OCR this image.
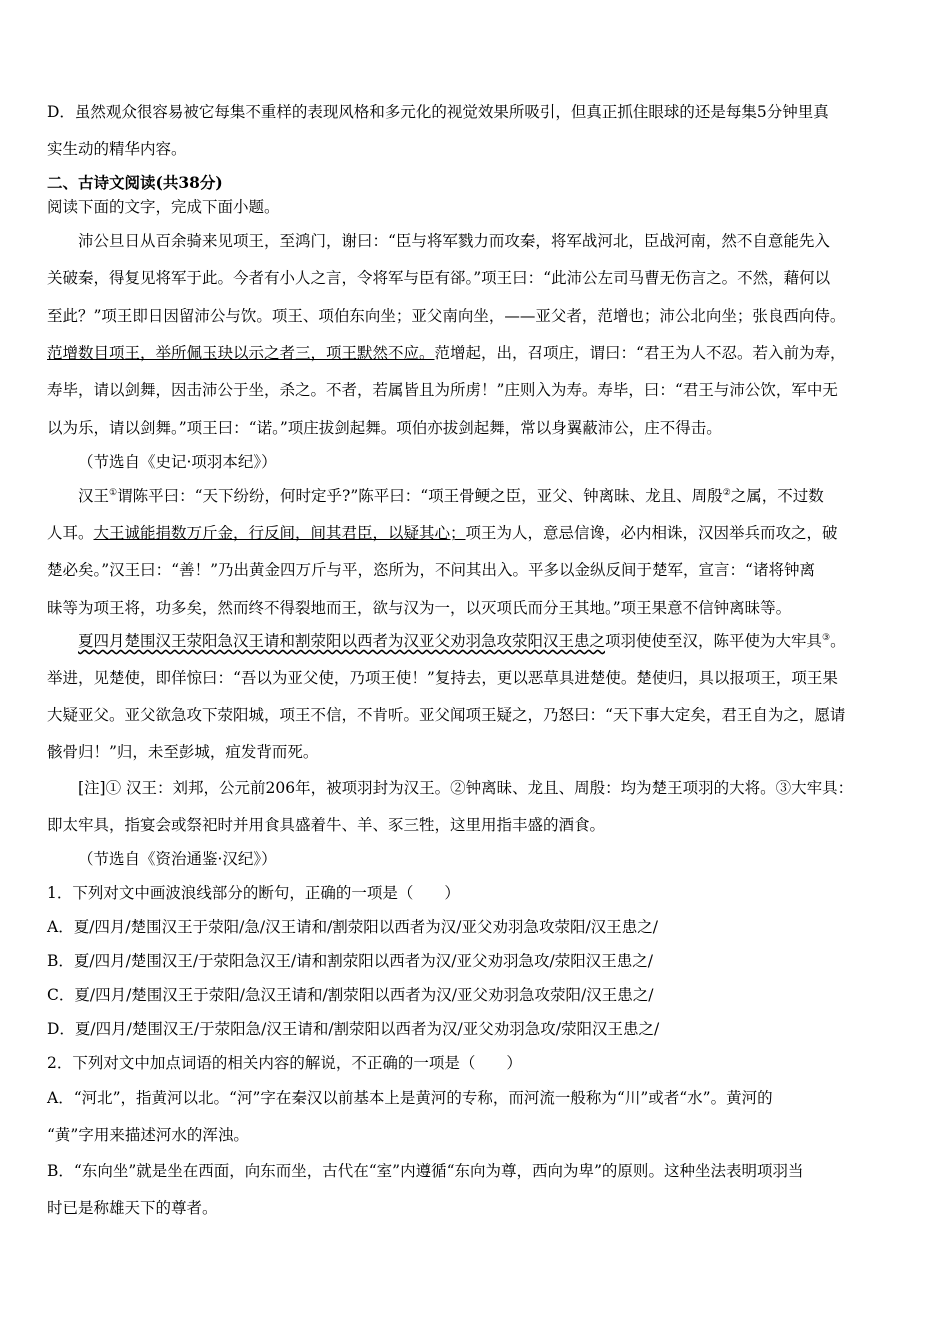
D．虽然观众很容易被它每集不重样的表现风格和多元化的视觉效果所吸引，但真正抓住眼球的还是每集5分钟里真
实生动的精华内容。
二、古诗文阅读(共38分)
阅读下面的文字，完成下面小题。
沛公旦日从百余骑来见项王，至鸿门，谢曰：“臣与将军戮力而攻秦，将军战河北，臣战河南，然不自意能先入
关破秦，得复见将军于此。今者有小人之言，令将军与臣有郤。”项王曰：“此沛公左司马曹无伤言之。不然，藉何以
至此？”项王即日因留沛公与饮。项王、项伯东向坐；亚父南向坐，——亚父者，范增也；沛公北向坐；张良西向侍。
范增数目项王，举所佩玉玦以示之者三，项王默然不应。范增起，出，召项庄，谓曰：“君王为人不忍。若入前为寿，
寿毕，请以剑舞，因击沛公于坐，杀之。不者，若属皆且为所虏！”庄则入为寿。寿毕，曰：“君王与沛公饮，军中无
以为乐，请以剑舞。”项王曰：“诺。”项庄拔剑起舞。项伯亦拔剑起舞，常以身翼蔽沛公，庄不得击。
（节选自《史记·项羽本纪》）
汉王①谓陈平曰：“天下纷纷，何时定乎?”陈平曰：“项王骨鲠之臣，亚父、钟离昧、龙且、周殷②之属，不过数
人耳。大王诚能捐数万斤金，行反间，间其君臣，以疑其心；项王为人，意忌信谗，必内相诛，汉因举兵而攻之，破
楚必矣。”汉王曰：“善！”乃出黄金四万斤与平，恣所为，不问其出入。平多以金纵反间于楚军，宣言：“诸将钟离
昧等为项王将，功多矣，然而终不得裂地而王，欲与汉为一，以灭项氏而分王其地。”项王果意不信钟离昧等。
夏四月楚围汉王荥阳急汉王请和割荥阳以西者为汉亚父劝羽急攻荥阳汉王患之项羽使使至汉，陈平使为大牢具③。
举进，见楚使，即佯惊曰：“吾以为亚父使，乃项王使！”复持去，更以恶草具进楚使。楚使归，具以报项王，项王果
大疑亚父。亚父欲急攻下荥阳城，项王不信，不肯听。亚父闻项王疑之，乃怒曰：“天下事大定矣，君王自为之，愿请
骸骨归！”归，未至彭城，疽发背而死。
[注]① 汉王：刘邦，公元前206年，被项羽封为汉王。②钟离昧、龙且、周殷：均为楚王项羽的大将。③大牢具：
即太牢具，指宴会或祭祀时并用食具盛着牛、羊、豕三牲，这里用指丰盛的酒食。
（节选自《资治通鉴·汉纪》）
1．下列对文中画波浪线部分的断句，正确的一项是（　　）
A．夏/四月/楚围汉王于荥阳/急/汉王请和/割荥阳以西者为汉/亚父劝羽急攻荥阳/汉王患之/
B．夏/四月/楚围汉王/于荥阳急汉王/请和割荥阳以西者为汉/亚父劝羽急攻/荥阳汉王患之/
C．夏/四月/楚围汉王于荥阳/急汉王请和/割荥阳以西者为汉/亚父劝羽急攻荥阳/汉王患之/
D．夏/四月/楚围汉王/于荥阳急/汉王请和/割荥阳以西者为汉/亚父劝羽急攻/荥阳汉王患之/
2．下列对文中加点词语的相关内容的解说，不正确的一项是（　　）
A．“河北”，指黄河以北。“河”字在秦汉以前基本上是黄河的专称，而河流一般称为“川”或者“水”。黄河的
“黄”字用来描述河水的浑浊。
B．“东向坐”就是坐在西面，向东而坐，古代在“室”内遵循“东向为尊，西向为卑”的原则。这种坐法表明项羽当
时已是称雄天下的尊者。
